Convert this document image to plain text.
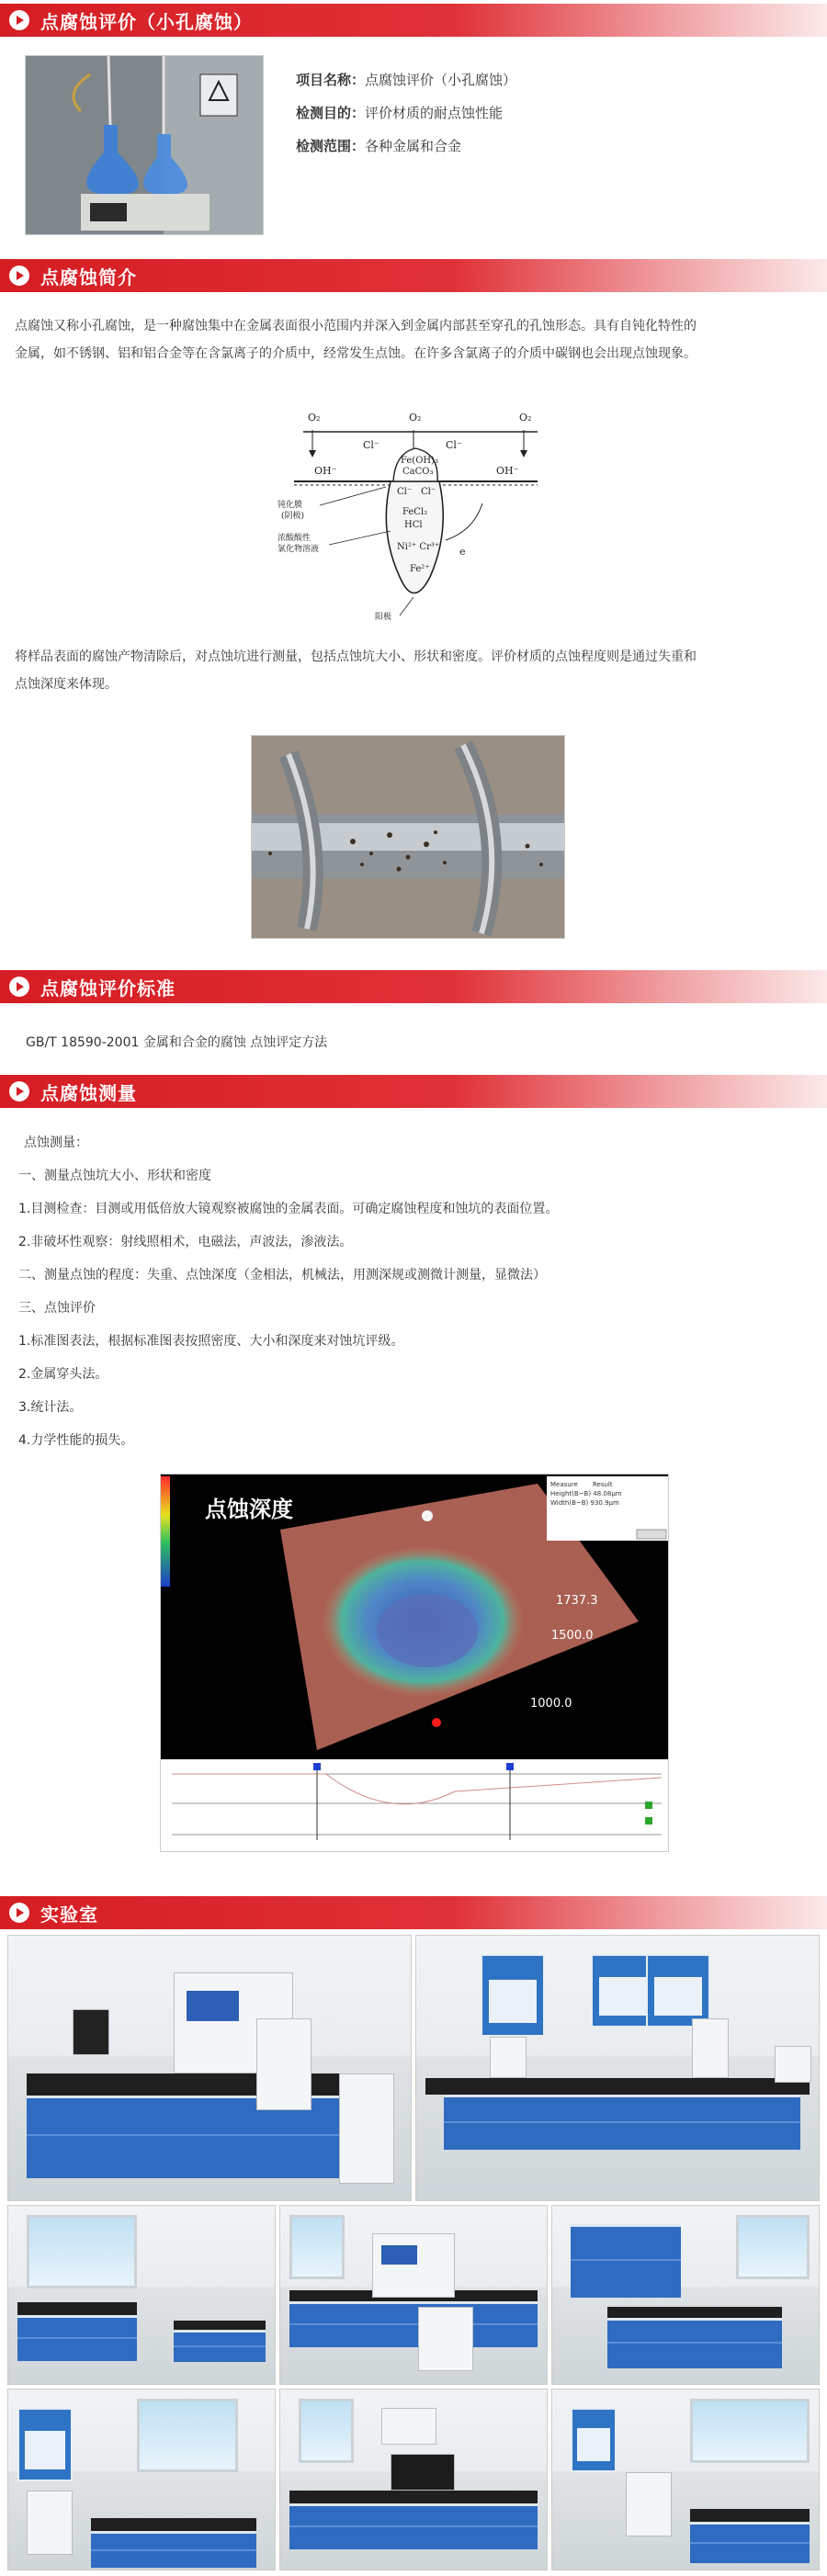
点腐蚀评价（小孔腐蚀）
项目名称：点腐蚀评价（小孔腐蚀）
检测目的：评价材质的耐点蚀性能
检测范围：各种金属和合金
点腐蚀简介
点腐蚀又称小孔腐蚀，是一种腐蚀集中在金属表面很小范围内并深入到金属内部甚至穿孔的孔蚀形态。具有自钝化特性的
金属，如不锈钢、铝和铝合金等在含氯离子的介质中，经常发生点蚀。在许多含氯离子的介质中碳钢也会出现点蚀现象。
O₂	O₂	O₂
Cl⁻	Cl⁻
OH⁻	OH⁻
Fe(OH)₃
CaCO₃
Cl⁻ Cl⁻
FeCl₂
HCl
Ni²⁺ Cr³⁺
Fe²⁺
e
钝化膜
(阴极)
浓酸酸性
氯化物溶液
阳极
将样品表面的腐蚀产物清除后，对点蚀坑进行测量，包括点蚀坑大小、形状和密度。评价材质的点蚀程度则是通过失重和
点蚀深度来体现。
点腐蚀评价标准
GB/T 18590-2001 金属和合金的腐蚀 点蚀评定方法
点腐蚀测量
点蚀测量：
一、测量点蚀坑大小、形状和密度
1.目测检查：目测或用低倍放大镜观察被腐蚀的金属表面。可确定腐蚀程度和蚀坑的表面位置。
2.非破坏性观察：射线照相术，电磁法，声波法，渗液法。
二、测量点蚀的程度：失重、点蚀深度（金相法，机械法，用测深规或测微计测量，显微法）
三、点蚀评价
1.标准图表法，根据标准图表按照密度、大小和深度来对蚀坑评级。
2.金属穿头法。
3.统计法。
4.力学性能的损失。
点蚀深度
1737.3
1500.0
1000.0
Measure Result
Height(B~B) 48.08μm
Width(B~B) 930.9μm
实验室
